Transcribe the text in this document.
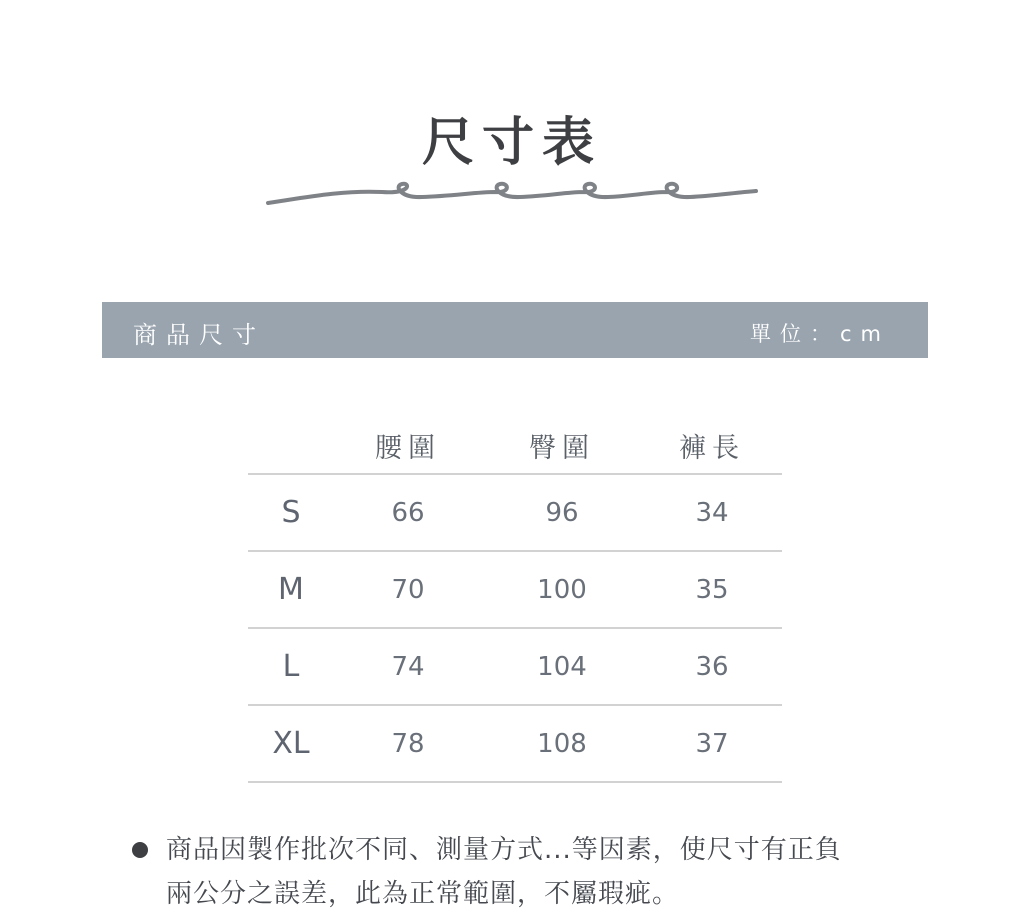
尺寸表
商品尺寸	單位：cm
	腰圍	臀圍	褲長
S	66	96	34
M	70	100	35
L	74	104	36
XL	78	108	37
商品因製作批次不同、測量方式...等因素，使尺寸有正負
兩公分之誤差，此為正常範圍，不屬瑕疵。
